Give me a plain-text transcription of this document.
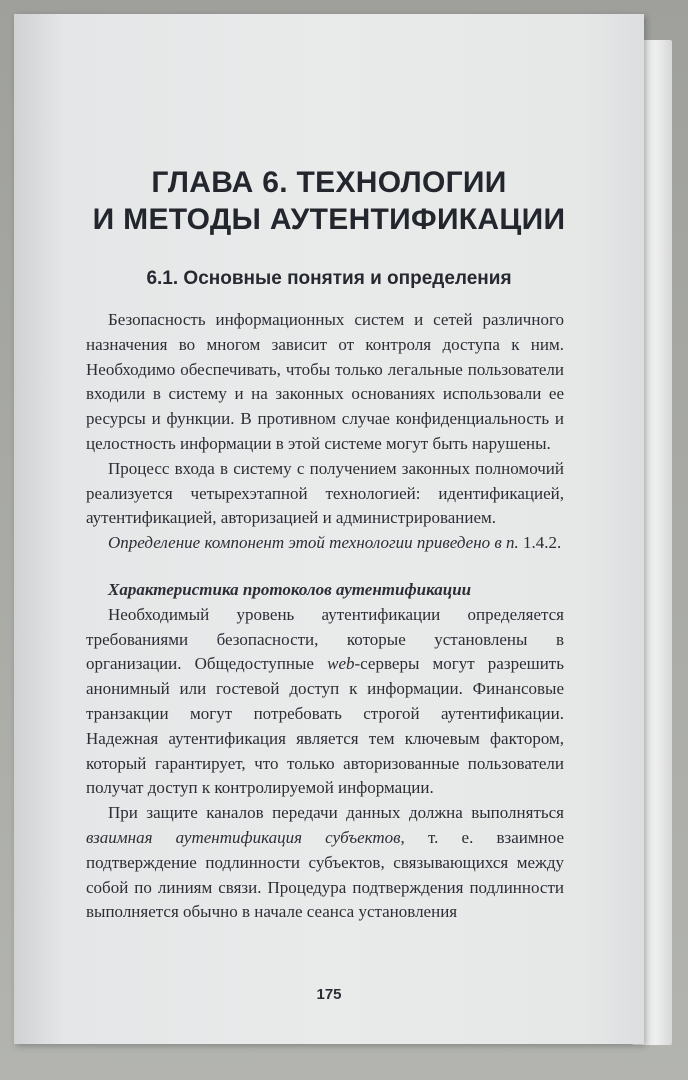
ГЛАВА 6. ТЕХНОЛОГИИ
И МЕТОДЫ АУТЕНТИФИКАЦИИ
6.1. Основные понятия и определения

Безопасность информационных систем и сетей различного назначения во многом зависит от контроля доступа к ним. Необходимо обеспечивать, чтобы только легальные пользователи входили в систему и на законных основаниях использовали ее ресурсы и функции. В противном случае конфиденциальность и целостность информации в этой системе могут быть нарушены.

Процесс входа в систему с получением законных полномочий реализуется четырехэтапной технологией: идентификацией, аутентификацией, авторизацией и администрированием.

Определение компонент этой технологии приведено в п. 1.4.2.

Характеристика протоколов аутентификации

Необходимый уровень аутентификации определяется требованиями безопасности, которые установлены в организации. Общедоступные web-серверы могут разрешить анонимный или гостевой доступ к информации. Финансовые транзакции могут потребовать строгой аутентификации. Надежная аутентификация является тем ключевым фактором, который гарантирует, что только авторизованные пользователи получат доступ к контролируемой информации.

При защите каналов передачи данных должна выполняться взаимная аутентификация субъектов, т. е. взаимное подтверждение подлинности субъектов, связывающихся между собой по линиям связи. Процедура подтверждения подлинности выполняется обычно в начале сеанса установления

175
